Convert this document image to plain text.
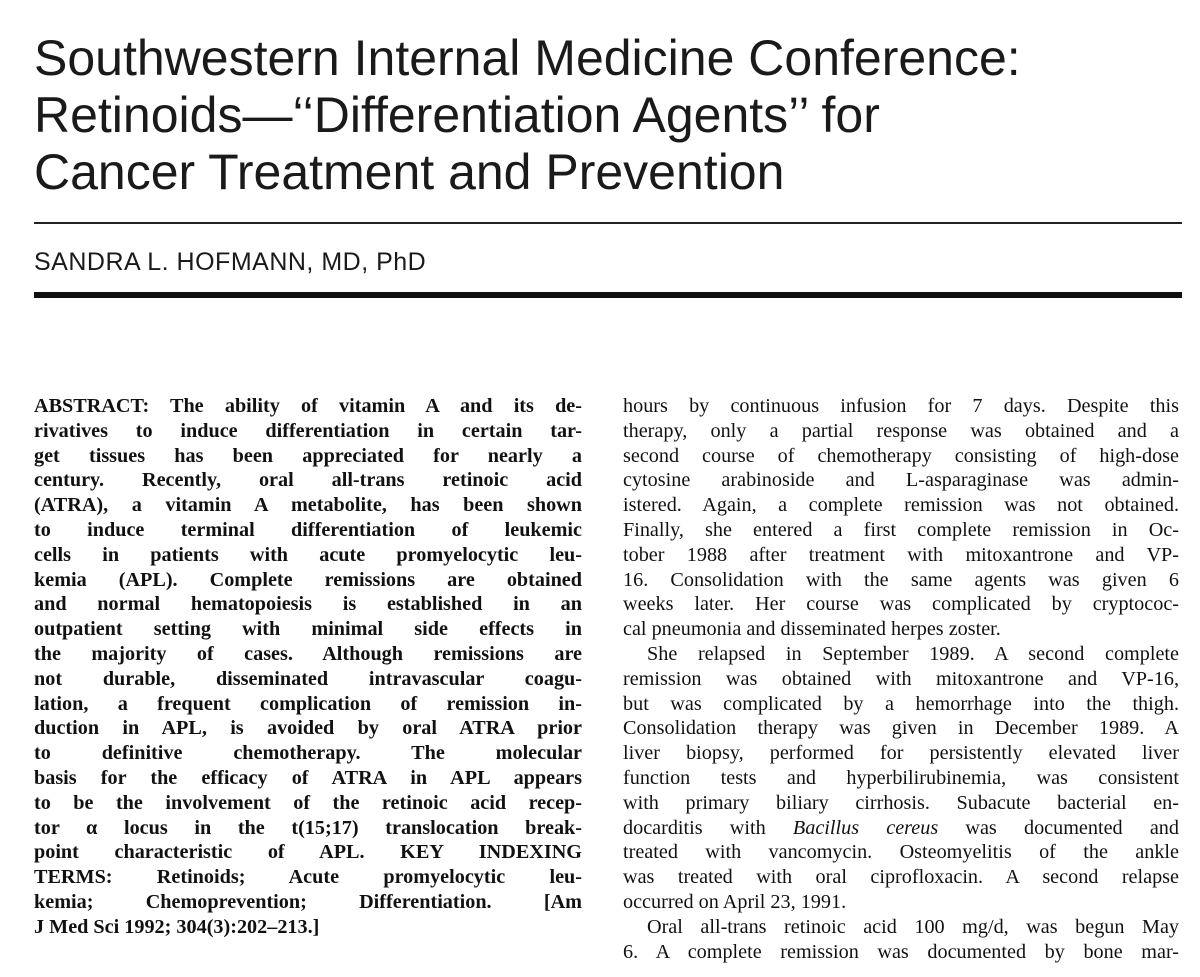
Southwestern Internal Medicine Conference:
Retinoids—‘‘Differentiation Agents’’ for
Cancer Treatment and Prevention
SANDRA L. HOFMANN, MD, PhD
ABSTRACT: The ability of vitamin A and its de-
rivatives to induce differentiation in certain tar-
get tissues has been appreciated for nearly a
century. Recently, oral all-trans retinoic acid
(ATRA), a vitamin A metabolite, has been shown
to induce terminal differentiation of leukemic
cells in patients with acute promyelocytic leu-
kemia (APL). Complete remissions are obtained
and normal hematopoiesis is established in an
outpatient setting with minimal side effects in
the majority of cases. Although remissions are
not durable, disseminated intravascular coagu-
lation, a frequent complication of remission in-
duction in APL, is avoided by oral ATRA prior
to definitive chemotherapy. The molecular
basis for the efficacy of ATRA in APL appears
to be the involvement of the retinoic acid recep-
tor α locus in the t(15;17) translocation break-
point characteristic of APL. KEY INDEXING
TERMS: Retinoids; Acute promyelocytic leu-
kemia; Chemoprevention; Differentiation. [Am
J Med Sci 1992; 304(3):202–213.]
hours by continuous infusion for 7 days. Despite this
therapy, only a partial response was obtained and a
second course of chemotherapy consisting of high-dose
cytosine arabinoside and L-asparaginase was admin-
istered. Again, a complete remission was not obtained.
Finally, she entered a first complete remission in Oc-
tober 1988 after treatment with mitoxantrone and VP-
16. Consolidation with the same agents was given 6
weeks later. Her course was complicated by cryptococ-
cal pneumonia and disseminated herpes zoster.
She relapsed in September 1989. A second complete
remission was obtained with mitoxantrone and VP-16,
but was complicated by a hemorrhage into the thigh.
Consolidation therapy was given in December 1989. A
liver biopsy, performed for persistently elevated liver
function tests and hyperbilirubinemia, was consistent
with primary biliary cirrhosis. Subacute bacterial en-
docarditis with Bacillus cereus was documented and
treated with vancomycin. Osteomyelitis of the ankle
was treated with oral ciprofloxacin. A second relapse
occurred on April 23, 1991.
Oral all-trans retinoic acid 100 mg/d, was begun May
6. A complete remission was documented by bone mar-
